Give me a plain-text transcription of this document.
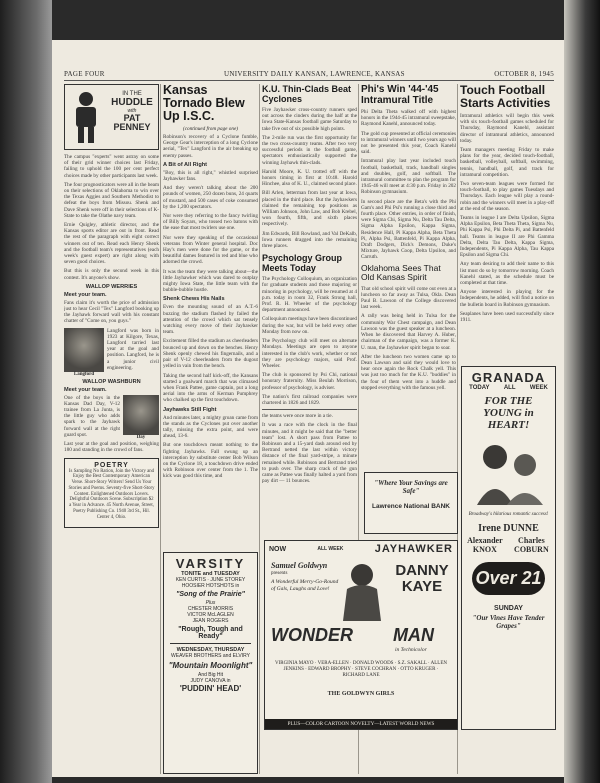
PAGE FOUR	UNIVERSITY DAILY KANSAN, LAWRENCE, KANSAS	OCTOBER 8, 1945
IN THE
HUDDLE
with
PAT PENNEY

The campus "experts" went astray on some of their grid winner choices last Friday, failing to uphold the 100 per cent perfect choices made by other participants last week.

The four prognosticators were all in the beam on their selections of Oklahoma to win over the Texas Aggies and Southern Methodist to defeat the boys from Missou. Shenk and Dave Shenk were off in their selections of K-State to take the Olathe navy team.

Ernie Quigley, athletic director, and the Kansas sports editor are out in front. Read the rest of the paragraph with eight correct winners out of ten. Read each Henry Shenk and the football team's representatives (each week's guest expert) are right along with seven good choices.

But this is only the second week in this contest. It's anyone's show.

WALLOP WERRIES
Meet your team.

Fans claim it's worth the price of admission just to hear Cecil "Tex" Langford booking up the Jayhawk forward wall with his constant chatter of "Come on, you guys."

Langford

Langford was born in 1923 at Kilgore, Texas, Langford tarried last year at the goal and position. Langford, he is a junior civil engineering.

WALLOP WASHBURN
Meet your team.

One of the boys in the Kansas Dad Day, V-12 trainee from La Junta, is the little guy who adds spark to the Jayhawk forward wall at the right guard spot.	Day

Last year at the goal and position, weighing 180 and standing in the crowd of fans.

POETRY

Is Sampling No Ration, Join the Victory and Enjoy the Best Contemporary American Verse. Short-Story Writers! Send Us Your Stories and Poems. Seventy-five Short-Story Contest. Enlightened Outdoors Lovers. Delightful Outdoors Scene. Subscription $2 a Year in Advance. 45 North Avenue, Street, Poetry Publishing Co. 1940 3rd St., Hil. Center 4, Ohio.

Kansas Tornado Blew Up I.S.C.
(continued from page one)

Robinson's recovery of a Cyclone fumble, George Gear's interception of a long Cyclone aerial, "Tex" Langford in the air breaking up enemy passes.

A Bit of All Right

"Boy, this is all right," whistled surprised Jayhawker fans.

And they weren't talking about the 200 pounds of women, 250 dozen buns, 24 quarts of mustard, and 500 cases of coke consumed by the 1,200 spectators.

Nor were they referring to the fancy twirling of Billy Soyars, who tossed two batons with the ease that most twirlers use one.

Nor were they speaking of the occasional veterans from Winter general hospital. Doc Hay's men were done for the game, or the beautiful dames featured in red and blue who adorned the crowd.

It was the team they were talking about—the little Jayhawker which was dared to outplay mighty Iowa State, the little team with the bubble-bubble hustle.

Shenk Chews His Nails

Even the mounting sound of an A.T.-6 buzzing the stadium flashed by failed the attention of the crowd which sat tensely watching every move of their Jayhawker team.

Excitement filled the stadium as cheerleaders bounced up and down on the benches. Henry Shenk openly chewed his fingernails, and a pair of V-12 cheerleaders from the dugout yelled in vain from the bench.

Taking the second half kick-off, the Kansans started a goalward march that was climaxed when Frank Pattee, game captain, put a long aerial into the arms of Kerman Pumphrey who chalked up the first touchdown.

Jayhawks Still Fight

And minutes later, a mighty groan came from the stands as the Cyclones put over another tally, missing the extra point, and were ahead, 13-6.

But one touchdown meant nothing to the fighting Jayhawks. Fall swung up an interception by substitute center Bob Wilson on the Cyclone 18, a touchdown drive ended with Robinson over center from the 1. The kick was good this time, and

VARSITY
TONITE and TUESDAY
KEN CURTIS · JUNE STOREY
HOOSIER HOTSHOTS in
"Song of the Prairie"
Plus
CHESTER MORRIS
VICTOR McLAGLEN
JEAN ROGERS
"Rough, Tough and Ready"
WEDNESDAY, THURSDAY
WEAVER BROTHERS and ELVIRY
"Mountain Moonlight"
And Big Hit
JUDY CANOVA in
'PUDDIN' HEAD'
K.U. Thin-Clads Beat Cyclones

Five Jayhawker cross-country runners sped out across the cinders during the half at the Iowa State-Kansas football game Saturday to take five out of six possible high points.

The 2-mile run was the first opportunity for the two cross-country teams. After two very successful periods in the football game, spectators enthusiastically supported the winning Jayhawk thin-clads.

Harold Moore, K. U. trotted off with the honors timing in first at 10:48. Harold Hinchee, also of K. U., claimed second place.

Bill Arlen, letterman from last year at Iowa, placed in the third place. But the Jayhawkers claimed the remaining top positions as William Johnson, John Law, and Bob Krebel, won fourth, fifth, and sixth places respectively.

Jim Edwards, Bill Rowland, and Val DeKalb, Iowa runners dragged into the remaining three places.

Psychology Group Meets Today

The Psychology Colloquium, an organization for graduate students and those majoring or minoring in psychology, will be resumed at 4 p.m. today in room 32, Frank Strong hall, Prof. R. H. Wheeler of the psychology department announced.

Colloquium meetings have been discontinued during the war, but will be held every other Monday from now on.

The Psychology club will meet on alternate Mondays. Meetings are open to anyone interested in the club's work, whether or not they are psychology majors, said Prof. Wheeler.

The club is sponsored by Psi Chi, national honorary fraternity. Miss Beulah Morrison, professor of psychology, is adviser.

The nation's first railroad companies were chartered in 1826 and 1829.

the teams were once more in a tie.

It was a race with the clock in the final minutes, and it might be said that the "better team" lost. A short pass from Pattee to Robinson and a 15-yard dash around end by Bertrand netted the last within victory distance of the final yard-stripe, a minute remained while. Robinson and Bertrand tried to push over. The sharp crack of the gun came as Pattee was finally halted a yard from pay dirt — 11 bounces.

Phi's Win '44-'45 Intramural Title

Phi Delta Theta walked off with highest honors in the 1944-45 intramural sweepstake, Raymond Kanehl, announced today.

The gold cup presented at official ceremonies to intramural winners until two years ago will not be presented this year, Coach Kanehl said.

Intramural play last year included touch football, basketball, track, handball singles and doubles, golf, and softball. The intramural committee to plan the program for 1945-46 will meet at 4:30 p.m. Friday in 202 Robinson gymnasium.

In second place are the Beta's with the Phi Gam's and Phi Psi's running a close third and fourth place. Other entries, in order of finish, were Sigma Chi, Sigma Nu, Delta Tau Delta, Sigma Alpha Epsilon, Kappa Sigma, Residence Hall, Pi Kappa Alpha, Beta Theta Pi, Alpha Psi, Battenfeld, Pi Kappa Alpha, Draft Dodgers, Dick's Demons, Duke's Mixture, Jayhawk Coop, Delta Upsilon, and Carruth.

Oklahoma Sees That Old Kansas Spirit

That old school spirit will come out even at a luncheon so far away as Tulsa, Okla. Dean Paul B. Lawson of the College discovered last week.

A rally was being held in Tulsa for the community War Chest campaign, and Dean Lawson was the guest speaker at a luncheon. When he discovered that Harvey A. Huber, chairman of the campaign, was a former K. U. man, the Jayhawker spirit began to soar.

After the luncheon two women came up to Dean Lawson and said they would love to hear once again the Rock Chalk yell. This was just too much for the K.U. "buddies" in the four of them went into a huddle and stopped everything with the famous yell.

"Where Your Savings are Safe"
Lawrence National BANK
Touch Football Starts Activities

Intramural athletics will begin this week with six touch-football games scheduled for Thursday, Raymond Kanehl, assistant director of intramural athletics, announced today.

Team managers meeting Friday to make plans for the year, decided touch-football, basketball, volleyball, softball, swimming, tennis, handball, golf, and track for intramural competition.

Two seven-team leagues were formed for touch-football, to play games Tuesdays and Thursdays. Each league will play a round-robin and the winners will meet in a play-off at the end of the season.

Teams in league I are Delta Upsilon, Sigma Alpha Epsilon, Beta Theta Theta, Sigma Nu, Phi Kappa Psi, Phi Delta Pi, and Battenfeld hall. Teams in league II are Phi Gamma Delta, Delta Tau Delta, Kappa Sigma, Independents, Pi Kappa Alpha, Tau Kappa Epsilon and Sigma Chi.

Any team desiring to add their name to this list must do so by tomorrow morning. Coach Kanehl stated, as the schedule must be completed at that time.

Anyone interested in playing for the Independents, he added, will find a notice on the bulletin board in Robinson gymnasium.

Seaplanes have been used successfully since 1911.

NOW	ALL WEEK	JAYHAWKER
Samuel Goldwyn
presents
A Wonderful Merry-Go-Round of Gals, Laughs and Love!
DANNY KAYE
WONDER MAN
in Technicolor
VIRGINIA MAYO · VERA-ELLEN · DONALD WOODS · S.Z. SAKALL · ALLEN JENKINS · EDWARD BROPHY · STEVE COCHRAN · OTTO KRUGER · RICHARD LANE
THE GOLDWYN GIRLS
PLUS—COLOR CARTOON NOVELTY—LATEST WORLD NEWS
GRANADA
TODAY ALL WEEK
FOR THE YOUNG in HEART!
Broadway's hilarious romantic success!
Irene DUNNE
Alexander KNOX
Charles COBURN
Over 21
SUNDAY
"Our Vines Have Tender Grapes"
